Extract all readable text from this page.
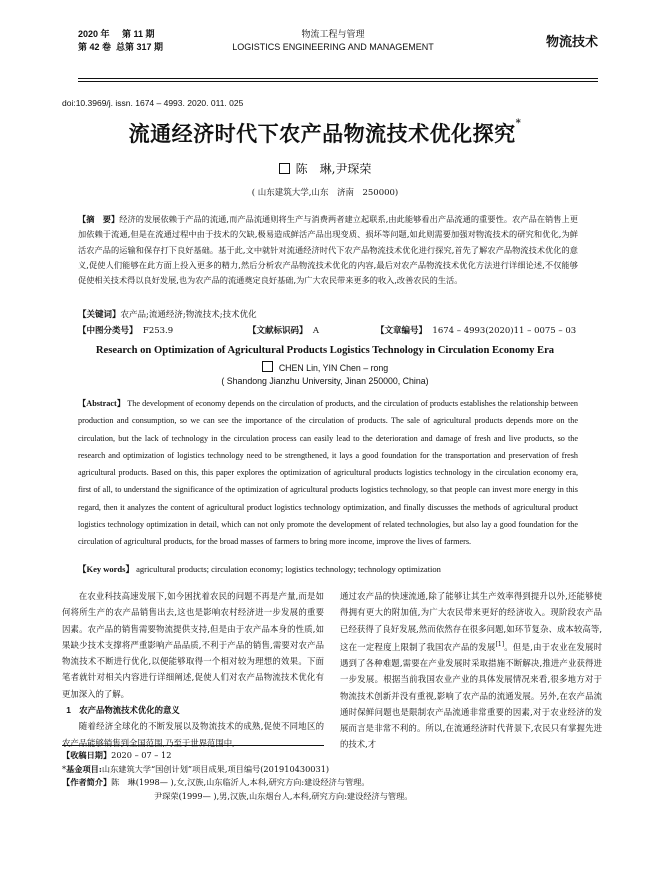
2020 年 第 11 期
第 42 卷 总第 317 期
物流工程与管理
LOGISTICS ENGINEERING AND MANAGEMENT	物流技术
doi:10.3969/j. issn. 1674 – 4993. 2020. 011. 025
流通经济时代下农产品物流技术优化探究*
陈　琳,尹琛荣
( 山东建筑大学,山东　济南　250000)
【摘　要】经济的发展依赖于产品的流通,而产品流通则将生产与消费两者建立起联系,由此能够看出产品流通的重要性。农产品在销售上更加依赖于流通,但是在流通过程中由于技术的欠缺,极易造成鲜活产品出现变质、损坏等问题,如此则需要加强对物流技术的研究和优化,为鲜活农产品的运输和保存打下良好基础。基于此,文中就针对流通经济时代下农产品物流技术优化进行探究,首先了解农产品物流技术优化的意义,促使人们能够在此方面上投入更多的精力,然后分析农产品物流技术优化的内容,最后对农产品物流技术优化方法进行详细论述,不仅能够促使相关技术得以良好发展,也为农产品的流通奠定良好基础,为广大农民带来更多的收入,改善农民的生活。
【关键词】农产品;流通经济;物流技术;技术优化
【中图分类号】 F253.9	【文献标识码】 A	【文章编号】 1674 – 4993(2020)11 – 0075 – 03
Research on Optimization of Agricultural Products Logistics Technology in Circulation Economy Era
CHEN Lin, YIN Chen – rong
( Shandong Jianzhu University, Jinan 250000, China)
【Abstract】 The development of economy depends on the circulation of products, and the circulation of products establishes the relationship between production and consumption, so we can see the importance of the circulation of products. The sale of agricultural products depends more on the circulation, but the lack of technology in the circulation process can easily lead to the deterioration and damage of fresh and live products, so the research and optimization of logistics technology need to be strengthened, it lays a good foundation for the transportation and preservation of fresh agricultural products. Based on this, this paper explores the optimization of agricultural products logistics technology in the circulation economy era, first of all, to understand the significance of the optimization of agricultural products logistics technology, so that people can invest more energy in this regard, then it analyzes the content of agricultural product logistics technology optimization, and finally discusses the methods of agricultural product logistics technology optimization in detail, which can not only promote the development of related technologies, but also lay a good foundation for the circulation of agricultural products, for the broad masses of farmers to bring more income, improve the lives of farmers.
【Key words】 agricultural products; circulation economy; logistics technology; technology optimization

在农业科技高速发展下,如今困扰着农民的问题不再是产量,而是如何将所生产的农产品销售出去,这也是影响农村经济进一步发展的重要因素。农产品的销售需要物流提供支持,但是由于农产品本身的性质,如果缺少技术支撑将严重影响产品品质,不利于产品的销售,需要对农产品物流技术不断进行优化,以便能够取得一个相对较为理想的效果。下面笔者就针对相关内容进行详细阐述,促使人们对农产品物流技术优化有更加深入的了解。

1　农产品物流技术优化的意义

随着经济全球化的不断发展以及物流技术的成熟,促使不同地区的农产品能够销售到全国范围,乃至于世界范围中,

通过农产品的快速流通,除了能够让其生产效率得到提升以外,还能够使得拥有更大的附加值,为广大农民带来更好的经济收入。现阶段农产品已经获得了良好发展,然而依然存在很多问题,如环节复杂、成本较高等,这在一定程度上限制了我国农产品的发展[1]。但是,由于农业在发展时遇到了各种难题,需要在产业发展时采取措施不断解决,推进产业获得进一步发展。根据当前我国农业产业的具体发展情况来看,很多地方对于物流技术创新并没有重视,影响了农产品的流通发展。另外,在农产品流通时保鲜问题也是限制农产品流通非常重要的因素,对于农业经济的发展而言是非常不利的。所以,在流通经济时代背景下,农民只有掌握先进的技术,才

【收稿日期】2020 – 07 – 12
*基金项目:山东建筑大学“国创计划”项目成果,项目编号(201910430031)
【作者简介】陈　琳(1998— ),女,汉族,山东临沂人,本科,研究方向:建设经济与管理。
尹琛荣(1999— ),男,汉族,山东烟台人,本科,研究方向:建设经济与管理。
